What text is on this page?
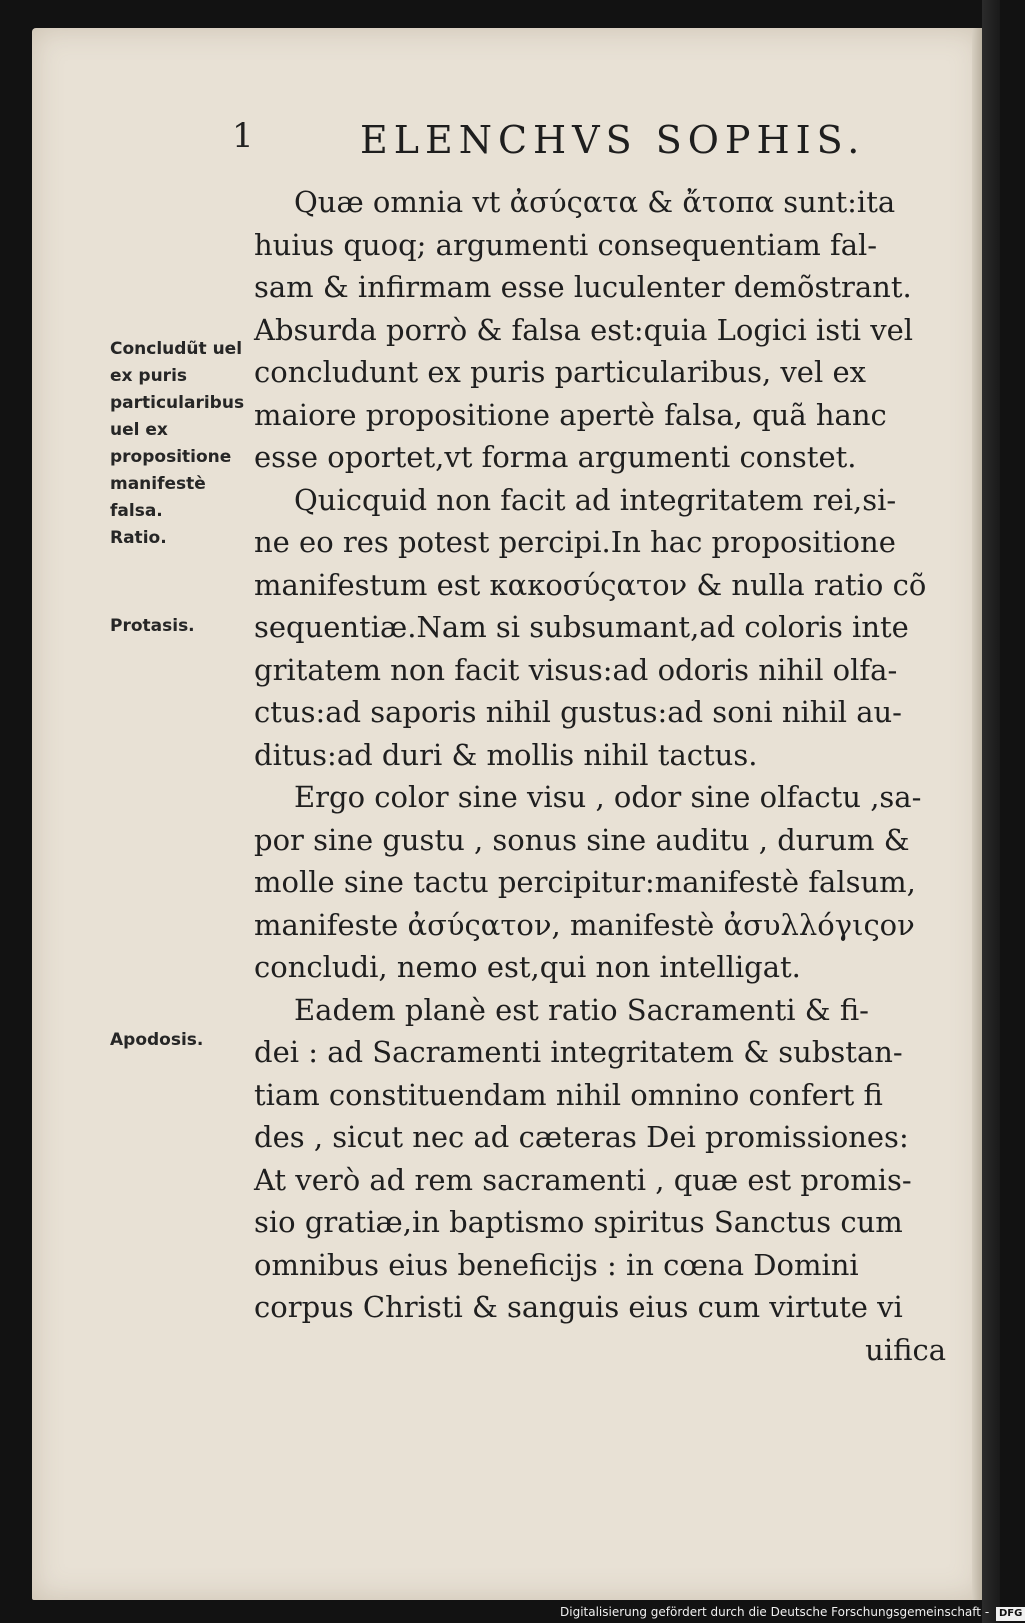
1	ELENCHVS SOPHIS.
Concludũt uel ex puris particularibus uel ex propositione manifestè falsa.
Ratio.
Protasis.
Apodosis.
Quæ omnia vt ἀσύςατα & ἄτοπα sunt:ita
huius quoq; argumenti consequentiam fal-
sam & infirmam esse luculenter demõstrant.
Absurda porrò & falsa est:quia Logici isti vel
concludunt ex puris particularibus, vel ex
maiore propositione apertè falsa, quã hanc
esse oportet,vt forma argumenti constet.
Quicquid non facit ad integritatem rei,si-
ne eo res potest percipi.In hac propositione
manifestum est κακοσύςατον & nulla ratio cõ
sequentiæ.Nam si subsumant,ad coloris inte
gritatem non facit visus:ad odoris nihil olfa-
ctus:ad saporis nihil gustus:ad soni nihil au-
ditus:ad duri & mollis nihil tactus.
Ergo color sine visu , odor sine olfactu ,sa-
por sine gustu , sonus sine auditu , durum &
molle sine tactu percipitur:manifestè falsum,
manifeste ἀσύςατον, manifestè ἀσυλλόγιςον
concludi, nemo est,qui non intelligat.
Eadem planè est ratio Sacramenti & fi-
dei : ad Sacramenti integritatem & substan-
tiam constituendam nihil omnino confert fi
des , sicut nec ad cæteras Dei promissiones:
At verò ad rem sacramenti , quæ est promis-
sio gratiæ,in baptismo spiritus Sanctus cum
omnibus eius beneficijs : in cœna Domini
corpus Christi & sanguis eius cum virtute vi
uifica
Digitalisierung gefördert durch die Deutsche Forschungsgemeinschaft - DFG
